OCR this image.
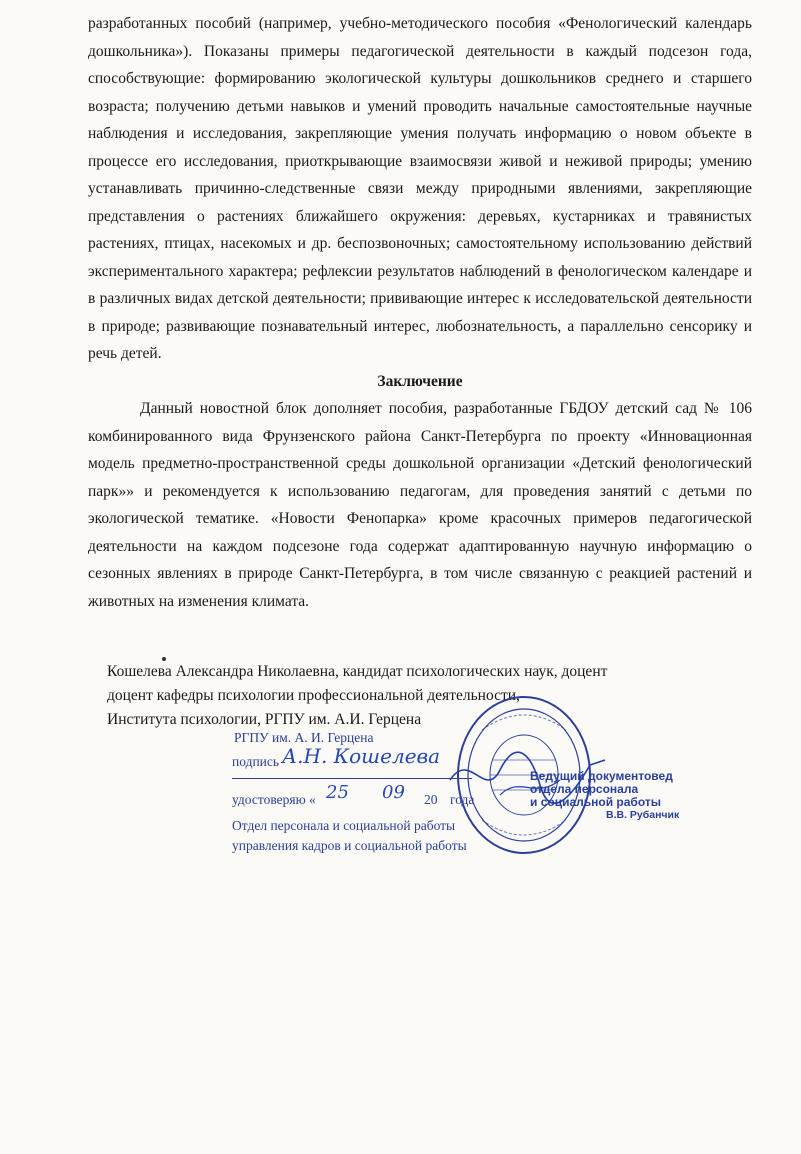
разработанных пособий (например, учебно-методического пособия «Фенологический календарь дошкольника»). Показаны примеры педагогической деятельности в каждый подсезон года, способствующие: формированию экологической культуры дошкольников среднего и старшего возраста; получению детьми навыков и умений проводить начальные самостоятельные научные наблюдения и исследования, закрепляющие умения получать информацию о новом объекте в процессе его исследования, приоткрывающие взаимосвязи живой и неживой природы; умению устанавливать причинно-следственные связи между природными явлениями, закрепляющие представления о растениях ближайшего окружения: деревьях, кустарниках и травянистых растениях, птицах, насекомых и др. беспозвоночных; самостоятельному использованию действий экспериментального характера; рефлексии результатов наблюдений в фенологическом календаре и в различных видах детской деятельности; прививающие интерес к исследовательской деятельности в природе; развивающие познавательный интерес, любознательность, а параллельно сенсорику и речь детей.

Заключение

Данный новостной блок дополняет пособия, разработанные ГБДОУ детский сад № 106 комбинированного вида Фрунзенского района Санкт-Петербурга по проекту «Инновационная модель предметно-пространственной среды дошкольной организации «Детский фенологический парк»» и рекомендуется к использованию педагогам, для проведения занятий с детьми по экологической тематике. «Новости Фенопарка» кроме красочных примеров педагогической деятельности на каждом подсезоне года содержат адаптированную научную информацию о сезонных явлениях в природе Санкт-Петербурга, в том числе связанную с реакцией растений и животных на изменения климата.

Кошелева Александра Николаевна, кандидат психологических наук, доцент
доцент кафедры психологии профессиональной деятельности,
Института психологии, РГПУ им. А.И. Герцена
РГПУ им. А. И. Герцена
подпись А.Н. Кошелева
удостоверяю « 25 09 20 года
Отдел персонала и социальной работы
управления кадров и социальной работы
Ведущий документовед
отдела персонала
и социальной работы
В.В. Рубанчик
